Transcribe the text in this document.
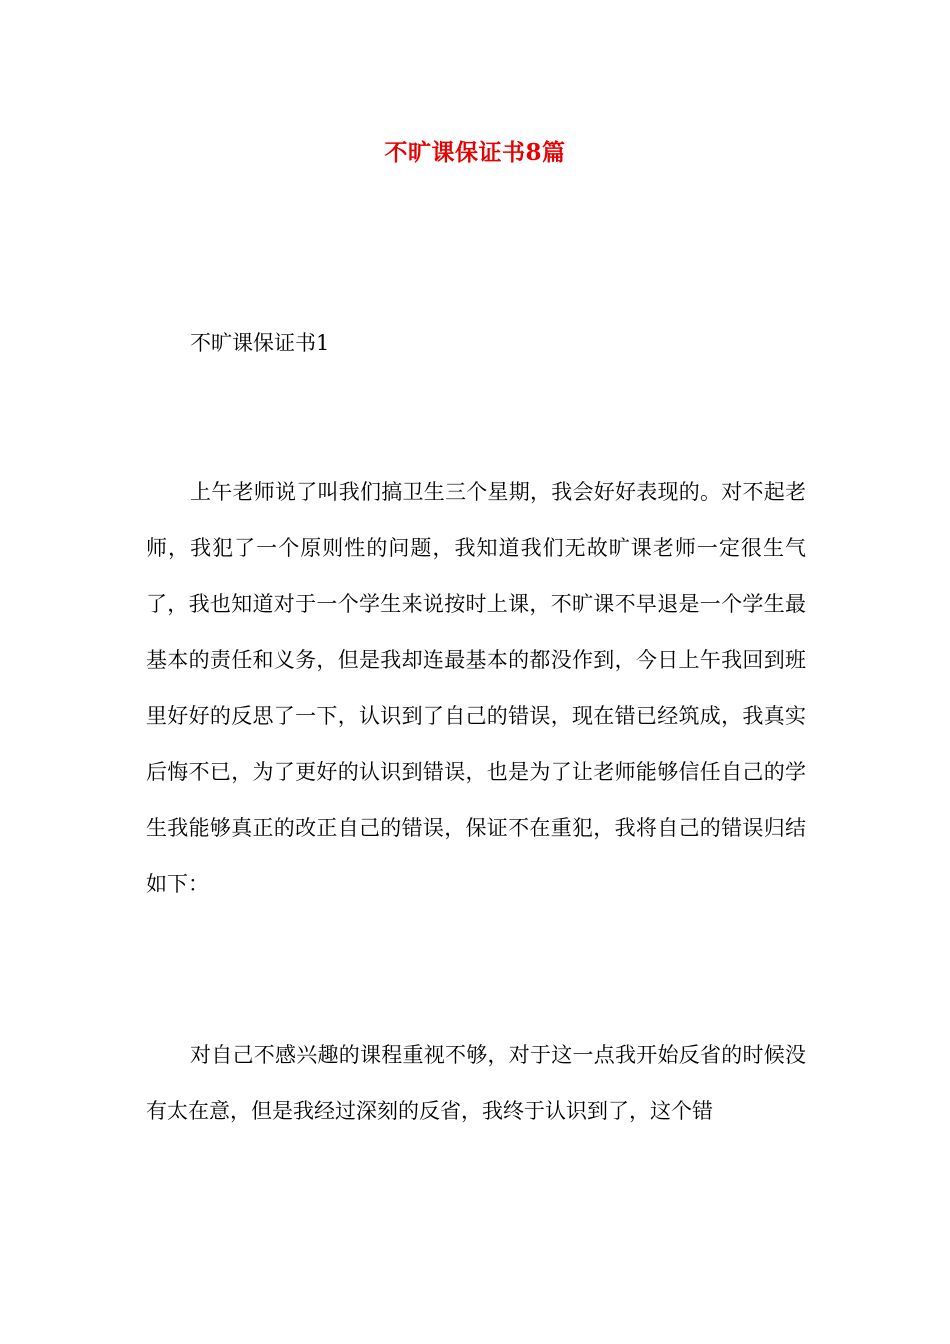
不旷课保证书8篇
不旷课保证书1

上午老师说了叫我们搞卫生三个星期，我会好好表现的。对不起老师，我犯了一个原则性的问题，我知道我们无故旷课老师一定很生气了，我也知道对于一个学生来说按时上课，不旷课不早退是一个学生最基本的责任和义务，但是我却连最基本的都没作到，今日上午我回到班里好好的反思了一下，认识到了自己的错误，现在错已经筑成，我真实后悔不已，为了更好的认识到错误，也是为了让老师能够信任自己的学生我能够真正的改正自己的错误，保证不在重犯，我将自己的错误归结如下：

对自己不感兴趣的课程重视不够，对于这一点我开始反省的时候没有太在意，但是我经过深刻的反省，我终于认识到了，这个错
